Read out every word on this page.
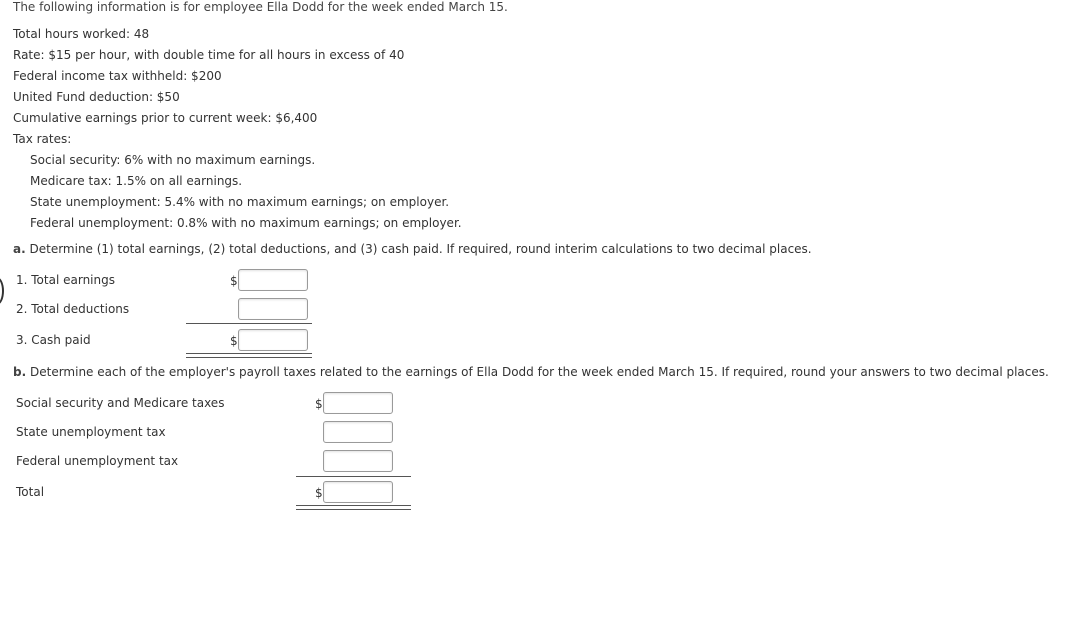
The following information is for employee Ella Dodd for the week ended March 15.
Total hours worked: 48
Rate: $15 per hour, with double time for all hours in excess of 40
Federal income tax withheld: $200
United Fund deduction: $50
Cumulative earnings prior to current week: $6,400
Tax rates:
Social security: 6% with no maximum earnings.
Medicare tax: 1.5% on all earnings.
State unemployment: 5.4% with no maximum earnings; on employer.
Federal unemployment: 0.8% with no maximum earnings; on employer.
a. Determine (1) total earnings, (2) total deductions, and (3) cash paid. If required, round interim calculations to two decimal places.
1. Total earnings	$
2. Total deductions
3. Cash paid	$
b. Determine each of the employer's payroll taxes related to the earnings of Ella Dodd for the week ended March 15. If required, round your answers to two decimal places.
Social security and Medicare taxes	$
State unemployment tax
Federal unemployment tax
Total	$
